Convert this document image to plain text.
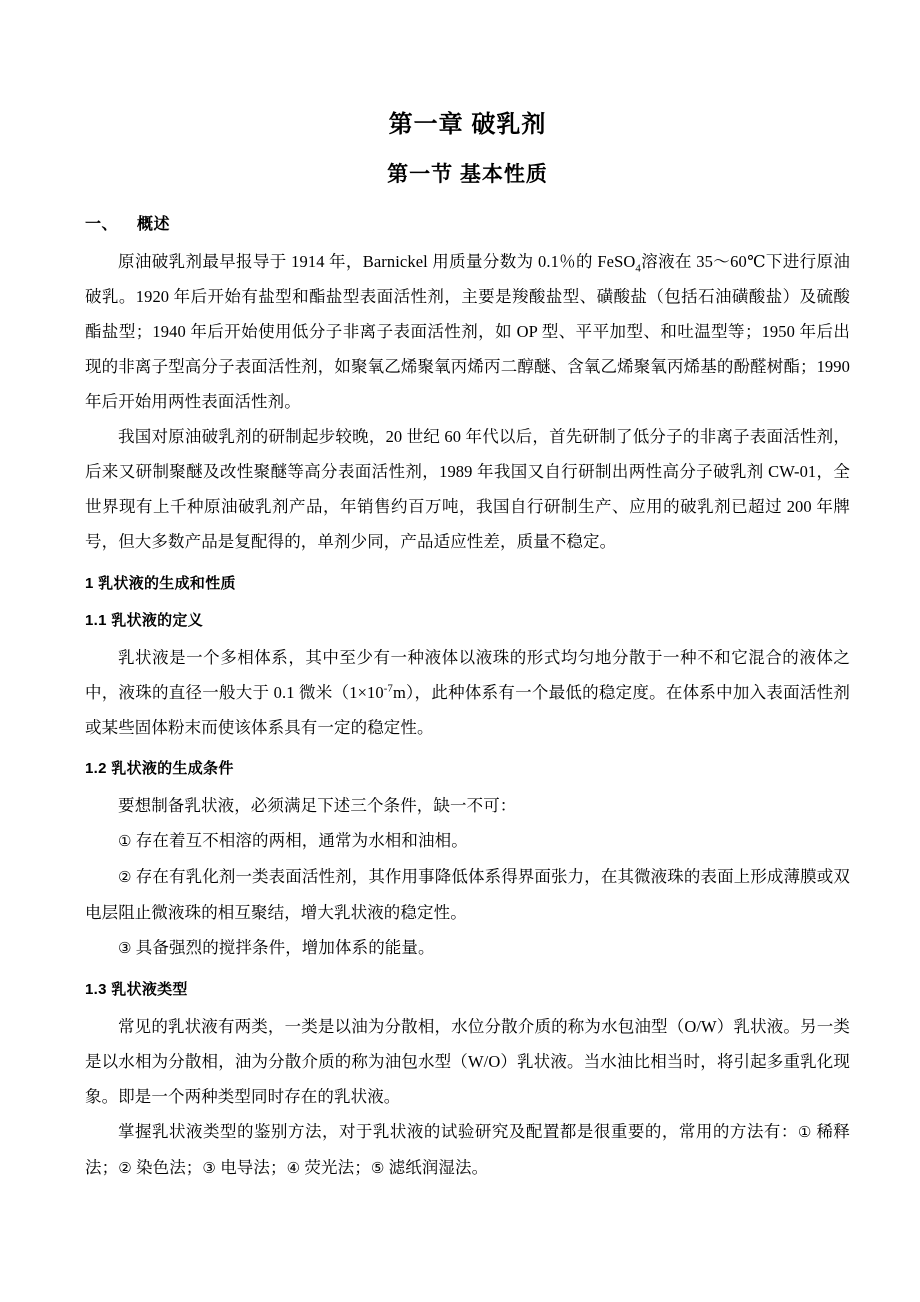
第一章 破乳剂
第一节 基本性质
一、 概述

原油破乳剂最早报导于 1914 年，Barnickel 用质量分数为 0.1％的 FeSO$_4$溶液在 35～60℃下进行原油破乳。1920 年后开始有盐型和酯盐型表面活性剂，主要是羧酸盐型、磺酸盐（包括石油磺酸盐）及硫酸酯盐型；1940 年后开始使用低分子非离子表面活性剂，如 OP 型、平平加型、和吐温型等；1950 年后出现的非离子型高分子表面活性剂，如聚氧乙烯聚氧丙烯丙二醇醚、含氧乙烯聚氧丙烯基的酚醛树酯；1990 年后开始用两性表面活性剂。

我国对原油破乳剂的研制起步较晚，20 世纪 60 年代以后，首先研制了低分子的非离子表面活性剂，后来又研制聚醚及改性聚醚等高分表面活性剂，1989 年我国又自行研制出两性高分子破乳剂 CW-01，全世界现有上千种原油破乳剂产品，年销售约百万吨，我国自行研制生产、应用的破乳剂已超过 200 年牌号，但大多数产品是复配得的，单剂少同，产品适应性差，质量不稳定。

1 乳状液的生成和性质
1.1 乳状液的定义

乳状液是一个多相体系，其中至少有一种液体以液珠的形式均匀地分散于一种不和它混合的液体之中，液珠的直径一般大于 0.1 微米$(1\times 10^{-7}m)$，此种体系有一个最低的稳定度。在体系中加入表面活性剂或某些固体粉末而使该体系具有一定的稳定性。

1.2 乳状液的生成条件

要想制备乳状液，必须满足下述三个条件，缺一不可：

① 存在着互不相溶的两相，通常为水相和油相。

② 存在有乳化剂一类表面活性剂，其作用事降低体系得界面张力，在其微液珠的表面上形成薄膜或双电层阻止微液珠的相互聚结，增大乳状液的稳定性。

③ 具备强烈的搅拌条件，增加体系的能量。

1.3 乳状液类型

常见的乳状液有两类，一类是以油为分散相，水位分散介质的称为水包油型（O/W）乳状液。另一类是以水相为分散相，油为分散介质的称为油包水型（W/O）乳状液。当水油比相当时，将引起多重乳化现象。即是一个两种类型同时存在的乳状液。

掌握乳状液类型的鉴别方法，对于乳状液的试验研究及配置都是很重要的，常用的方法有：① 稀释法；② 染色法；③ 电导法；④ 荧光法；⑤ 滤纸润湿法。
